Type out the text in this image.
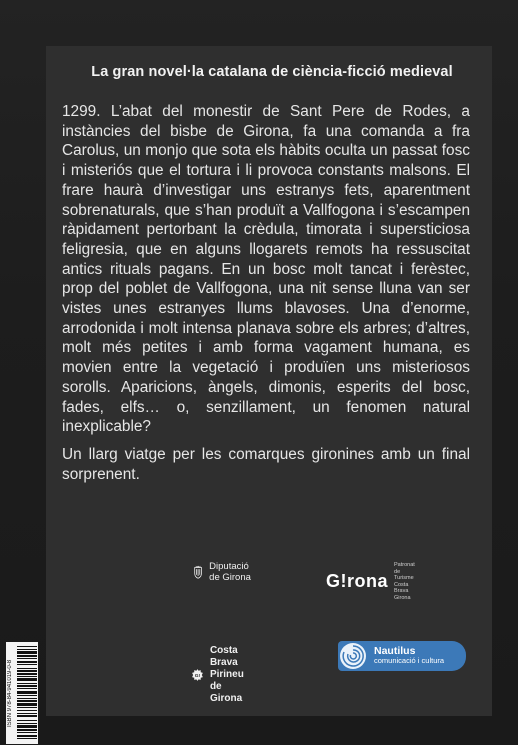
La gran novel·la catalana de ciència-ficció medieval

1299. L’abat del monestir de Sant Pere de Rodes, a instàncies del bisbe de Girona, fa una comanda a fra Carolus, un monjo que sota els hàbits oculta un passat fosc i misteriós que el tortura i li provoca constants malsons. El frare haurà d’investigar uns estranys fets, aparentment sobrenaturals, que s’han produït a Vallfogona i s’escampen ràpidament pertorbant la crèdula, timorata i supersticiosa feligresia, que en alguns llogarets remots ha ressuscitat antics rituals pagans. En un bosc molt tancat i ferèstec, prop del poblet de Vallfogona, una nit sense lluna van ser vistes unes estranyes llums blavoses. Una d’enorme, arrodonida i molt intensa planava sobre els arbres; d’altres, molt més petites i amb forma vagament humana, es movien entre la vegetació i produïen uns misteriosos sorolls. Aparicions, àngels, dimonis, esperits del bosc, fades, elfs… o, senzillament, un fenomen natural inexplicable?

Un llarg viatge per les comarques gironines amb un final sorprenent.

Diputació de Girona	G!rona
Patronat de Turisme
Costa Brava Girona
G!
Costa Brava
Pirineu de Girona
Nautilus
comunicació i cultura
ISBN 978-84-941019-0-8
